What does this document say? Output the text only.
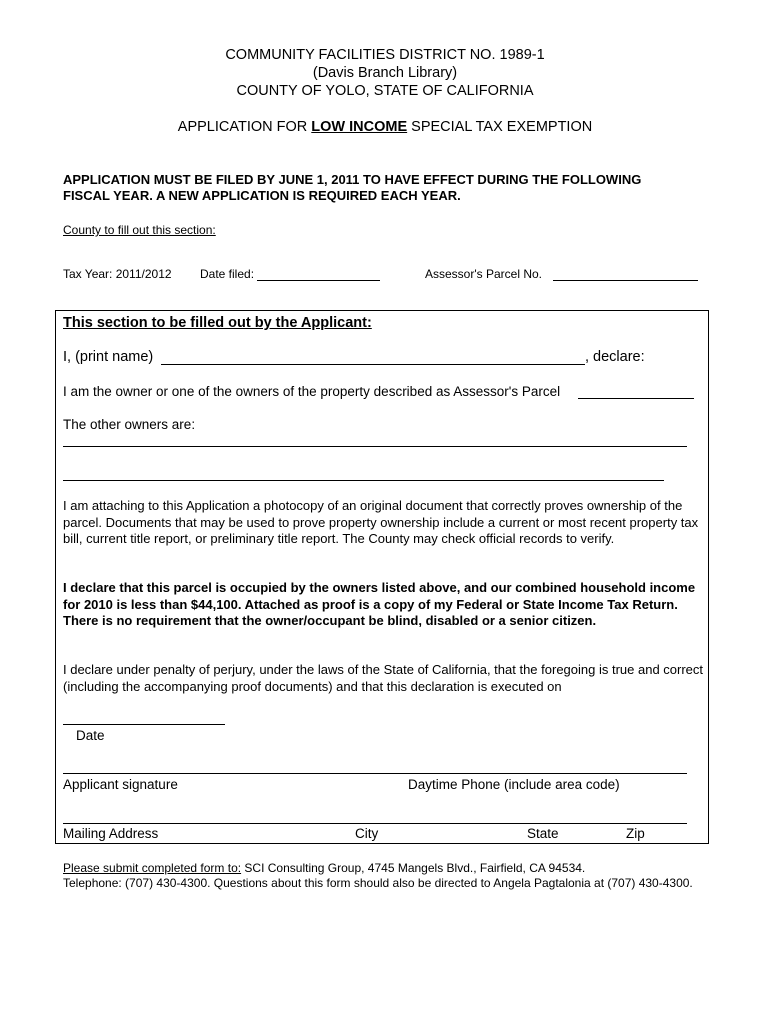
COMMUNITY FACILITIES DISTRICT NO. 1989-1
(Davis Branch Library)
COUNTY OF YOLO, STATE OF CALIFORNIA
APPLICATION FOR LOW INCOME SPECIAL TAX EXEMPTION
APPLICATION MUST BE FILED BY JUNE 1, 2011 TO HAVE EFFECT DURING THE FOLLOWING
FISCAL YEAR. A NEW APPLICATION IS REQUIRED EACH YEAR.
County to fill out this section:
Tax Year: 2011/2012 Date filed:	Assessor's Parcel No.
This section to be filled out by the Applicant:
I, (print name)	, declare:
I am the owner or one of the owners of the property described as Assessor's Parcel
The other owners are:
I am attaching to this Application a photocopy of an original document that correctly proves ownership of the parcel. Documents that may be used to prove property ownership include a current or most recent property tax bill, current title report, or preliminary title report. The County may check official records to verify.
I declare that this parcel is occupied by the owners listed above, and our combined household income for 2010 is less than $44,100. Attached as proof is a copy of my Federal or State Income Tax Return. There is no requirement that the owner/occupant be blind, disabled or a senior citizen.
I declare under penalty of perjury, under the laws of the State of California, that the foregoing is true and correct (including the accompanying proof documents) and that this declaration is executed on
Date
Applicant signature	Daytime Phone (include area code)
Mailing Address	City	State	Zip
Please submit completed form to: SCI Consulting Group, 4745 Mangels Blvd., Fairfield, CA 94534.
Telephone: (707) 430-4300. Questions about this form should also be directed to Angela Pagtalonia at (707) 430-4300.
